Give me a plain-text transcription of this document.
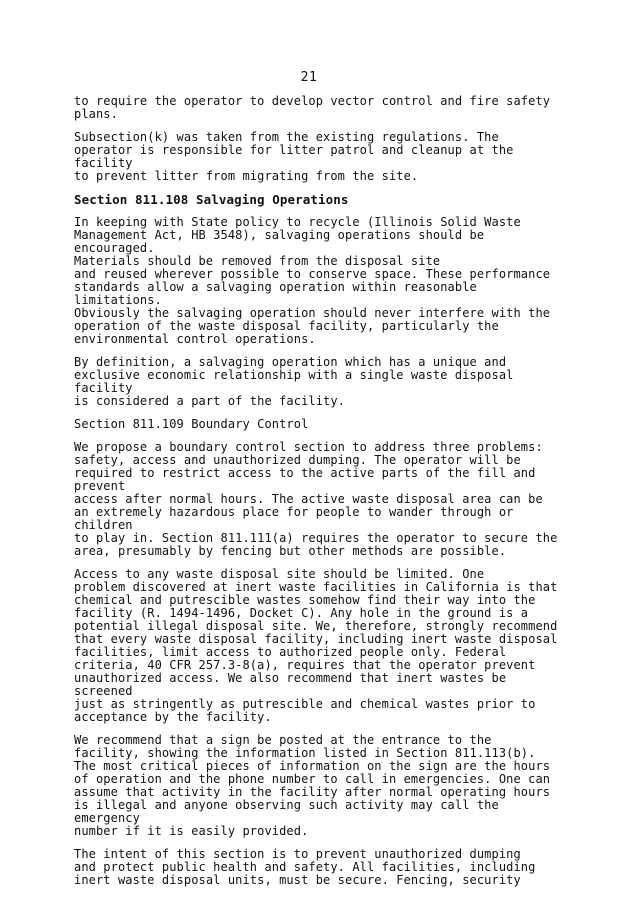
21

to require the operator to develop vector control and fire safety
plans.

Subsection(k) was taken from the existing regulations. The
operator is responsible for litter patrol and cleanup at the facility
to prevent litter from migrating from the site.

Section 811.108 Salvaging Operations

In keeping with State policy to recycle (Illinois Solid Waste
Management Act, HB 3548), salvaging operations should be encouraged.
Materials should be removed from the disposal site
and reused wherever possible to conserve space. These performance
standards allow a salvaging operation within reasonable limitations.
Obviously the salvaging operation should never interfere with the
operation of the waste disposal facility, particularly the
environmental control operations.

By definition, a salvaging operation which has a unique and
exclusive economic relationship with a single waste disposal facility
is considered a part of the facility.

Section 811.109 Boundary Control

We propose a boundary control section to address three problems:
safety, access and unauthorized dumping. The operator will be
required to restrict access to the active parts of the fill and prevent
access after normal hours. The active waste disposal area can be
an extremely hazardous place for people to wander through or children
to play in. Section 811.111(a) requires the operator to secure the
area, presumably by fencing but other methods are possible.

Access to any waste disposal site should be limited. One
problem discovered at inert waste facilities in California is that
chemical and putrescible wastes somehow find their way into the
facility (R. 1494-1496, Docket C). Any hole in the ground is a
potential illegal disposal site. We, therefore, strongly recommend
that every waste disposal facility, including inert waste disposal
facilities, limit access to authorized people only. Federal
criteria, 40 CFR 257.3-8(a), requires that the operator prevent
unauthorized access. We also recommend that inert wastes be screened
just as stringently as putrescible and chemical wastes prior to
acceptance by the facility.

We recommend that a sign be posted at the entrance to the
facility, showing the information listed in Section 811.113(b).
The most critical pieces of information on the sign are the hours
of operation and the phone number to call in emergencies. One can
assume that activity in the facility after normal operating hours
is illegal and anyone observing such activity may call the emergency
number if it is easily provided.

The intent of this section is to prevent unauthorized dumping
and protect public health and safety. All facilities, including
inert waste disposal units, must be secure. Fencing, security
